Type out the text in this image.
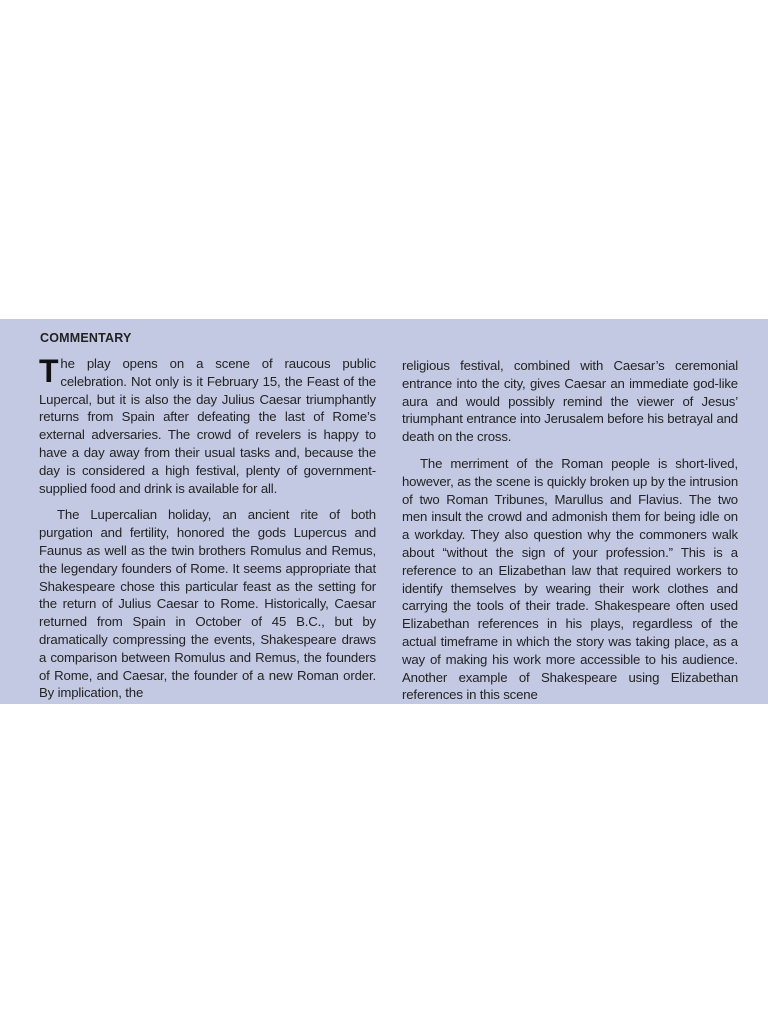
COMMENTARY

The play opens on a scene of raucous public celebration. Not only is it February 15, the Feast of the Lupercal, but it is also the day Julius Caesar triumphantly returns from Spain after defeating the last of Rome’s external adversaries. The crowd of revelers is happy to have a day away from their usual tasks and, because the day is considered a high festival, plenty of government-supplied food and drink is available for all.

The Lupercalian holiday, an ancient rite of both purgation and fertility, honored the gods Lupercus and Faunus as well as the twin brothers Romulus and Remus, the legendary founders of Rome. It seems appropriate that Shakespeare chose this particular feast as the setting for the return of Julius Caesar to Rome. Historically, Caesar returned from Spain in October of 45 B.C., but by dramatically compressing the events, Shakespeare draws a comparison between Romulus and Remus, the founders of Rome, and Caesar, the founder of a new Roman order. By implication, the

religious festival, combined with Caesar’s ceremonial entrance into the city, gives Caesar an immediate god-like aura and would possibly remind the viewer of Jesus’ triumphant entrance into Jerusalem before his betrayal and death on the cross.

The merriment of the Roman people is short-lived, however, as the scene is quickly broken up by the intrusion of two Roman Tribunes, Marullus and Flavius. The two men insult the crowd and admonish them for being idle on a workday. They also question why the commoners walk about “without the sign of your profession.” This is a reference to an Elizabethan law that required workers to identify themselves by wearing their work clothes and carrying the tools of their trade. Shakespeare often used Elizabethan references in his plays, regardless of the actual timeframe in which the story was taking place, as a way of making his work more accessible to his audience. Another example of Shakespeare using Elizabethan references in this scene
